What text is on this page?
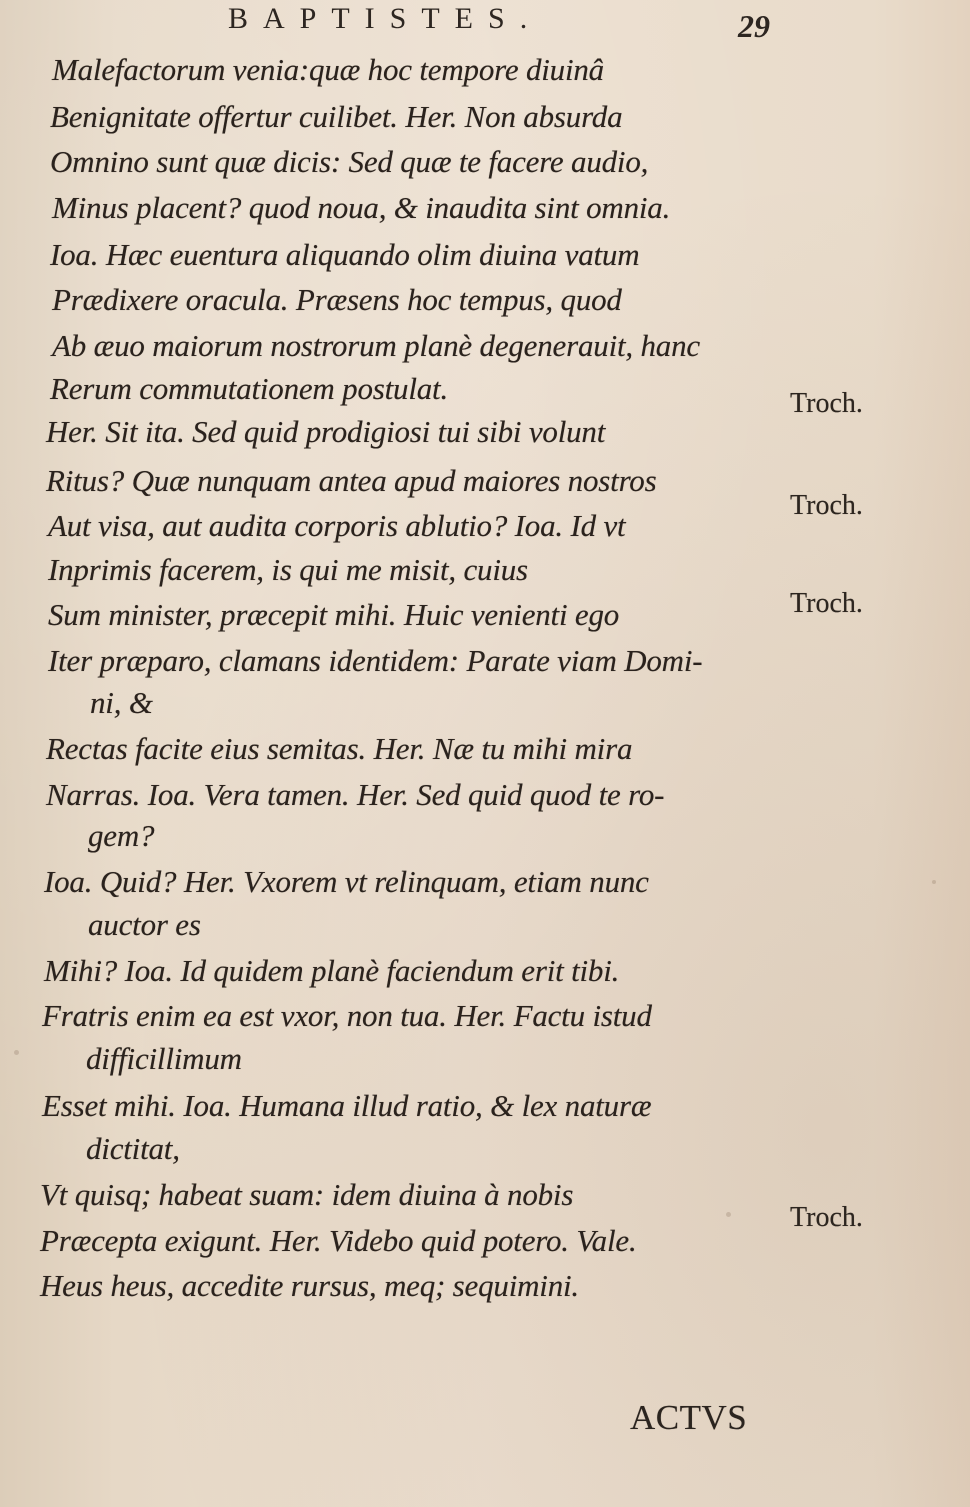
BAPTISTES.	29
Malefactorum venia:quæ hoc tempore diuinâ
Benignitate offertur cuilibet. Her. Non absurda
Omnino sunt quæ dicis: Sed quæ te facere audio,
Minus placent? quod noua, & inaudita sint omnia.
Ioa. Hæc euentura aliquando olim diuina vatum
Prædixere oracula. Præsens hoc tempus, quod
Ab æuo maiorum nostrorum planè degenerauit, hanc
Rerum commutationem postulat.
Her. Sit ita. Sed quid prodigiosi tui sibi volunt
Ritus? Quæ nunquam antea apud maiores nostros
Aut visa, aut audita corporis ablutio? Ioa. Id vt
Inprimis facerem, is qui me misit, cuius
Sum minister, præcepit mihi. Huic venienti ego
Iter præparo, clamans identidem: Parate viam Domi-
ni, &
Rectas facite eius semitas. Her. Næ tu mihi mira
Narras. Ioa. Vera tamen. Her. Sed quid quod te ro-
gem?
Ioa. Quid? Her. Vxorem vt relinquam, etiam nunc
auctor es
Mihi? Ioa. Id quidem planè faciendum erit tibi.
Fratris enim ea est vxor, non tua. Her. Factu istud
difficillimum
Esset mihi. Ioa. Humana illud ratio, & lex naturæ
dictitat,
Vt quisq; habeat suam: idem diuina à nobis
Præcepta exigunt. Her. Videbo quid potero. Vale.
Heus heus, accedite rursus, meq; sequimini.
Troch.
Troch.
Troch.
Troch.
ACTVS
